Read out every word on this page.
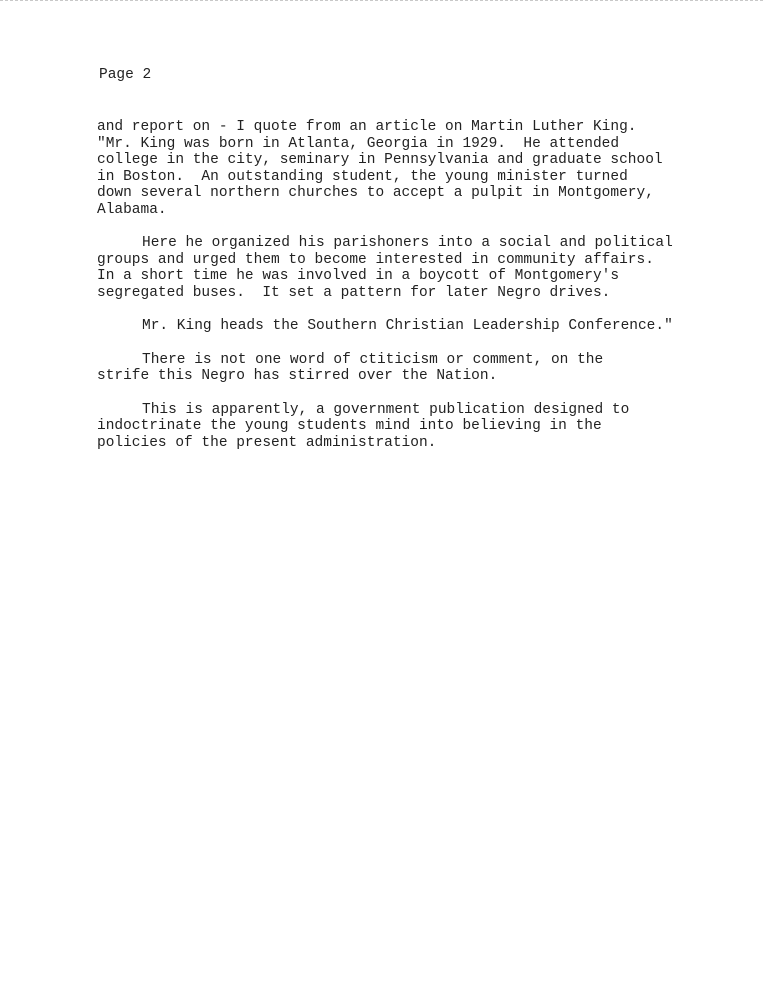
Page 2

and report on - I quote from an article on Martin Luther King.
"Mr. King was born in Atlanta, Georgia in 1929.  He attended
college in the city, seminary in Pennsylvania and graduate school
in Boston.  An outstanding student, the young minister turned
down several northern churches to accept a pulpit in Montgomery,
Alabama.
Here he organized his parishoners into a social and political
groups and urged them to become interested in community affairs.
In a short time he was involved in a boycott of Montgomery's
segregated buses.  It set a pattern for later Negro drives.
Mr. King heads the Southern Christian Leadership Conference."
There is not one word of ctiticism or comment, on the
strife this Negro has stirred over the Nation.
This is apparently, a government publication designed to
indoctrinate the young students mind into believing in the
policies of the present administration.
